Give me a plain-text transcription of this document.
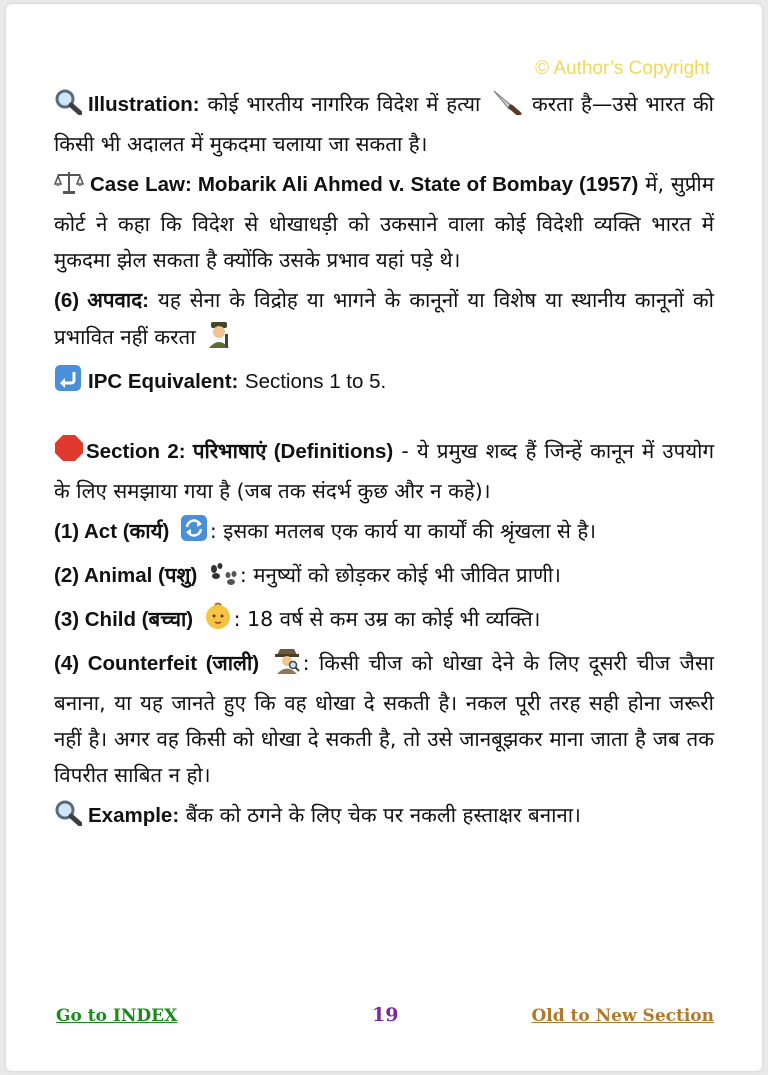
© Author’s Copyright

Illustration: कोई भारतीय नागरिक विदेश में हत्या	करता है—उसे भारत की किसी भी अदालत में मुकदमा चलाया जा सकता है।

Case Law: Mobarik Ali Ahmed v. State of Bombay (1957) में, सुप्रीम कोर्ट ने कहा कि विदेश से धोखाधड़ी को उकसाने वाला कोई विदेशी व्यक्ति भारत में मुकदमा झेल सकता है क्योंकि उसके प्रभाव यहां पड़े थे।

(6) अपवाद: यह सेना के विद्रोह या भागने के कानूनों या विशेष या स्थानीय कानूनों को प्रभावित नहीं करता

IPC Equivalent: Sections 1 to 5.

Section 2: परिभाषाएं (Definitions) - ये प्रमुख शब्द हैं जिन्हें कानून में उपयोग के लिए समझाया गया है (जब तक संदर्भ कुछ और न कहे)।

(1) Act (कार्य) : इसका मतलब एक कार्य या कार्यों की श्रृंखला से है।

(2) Animal (पशु) : मनुष्यों को छोड़कर कोई भी जीवित प्राणी।

(3) Child (बच्चा) : 18 वर्ष से कम उम्र का कोई भी व्यक्ति।

(4) Counterfeit (जाली) : किसी चीज को धोखा देने के लिए दूसरी चीज जैसा बनाना, या यह जानते हुए कि वह धोखा दे सकती है। नकल पूरी तरह सही होना जरूरी नहीं है। अगर वह किसी को धोखा दे सकती है, तो उसे जानबूझकर माना जाता है जब तक विपरीत साबित न हो।

Example: बैंक को ठगने के लिए चेक पर नकली हस्ताक्षर बनाना।

Go to INDEX	19	Old to New Section
